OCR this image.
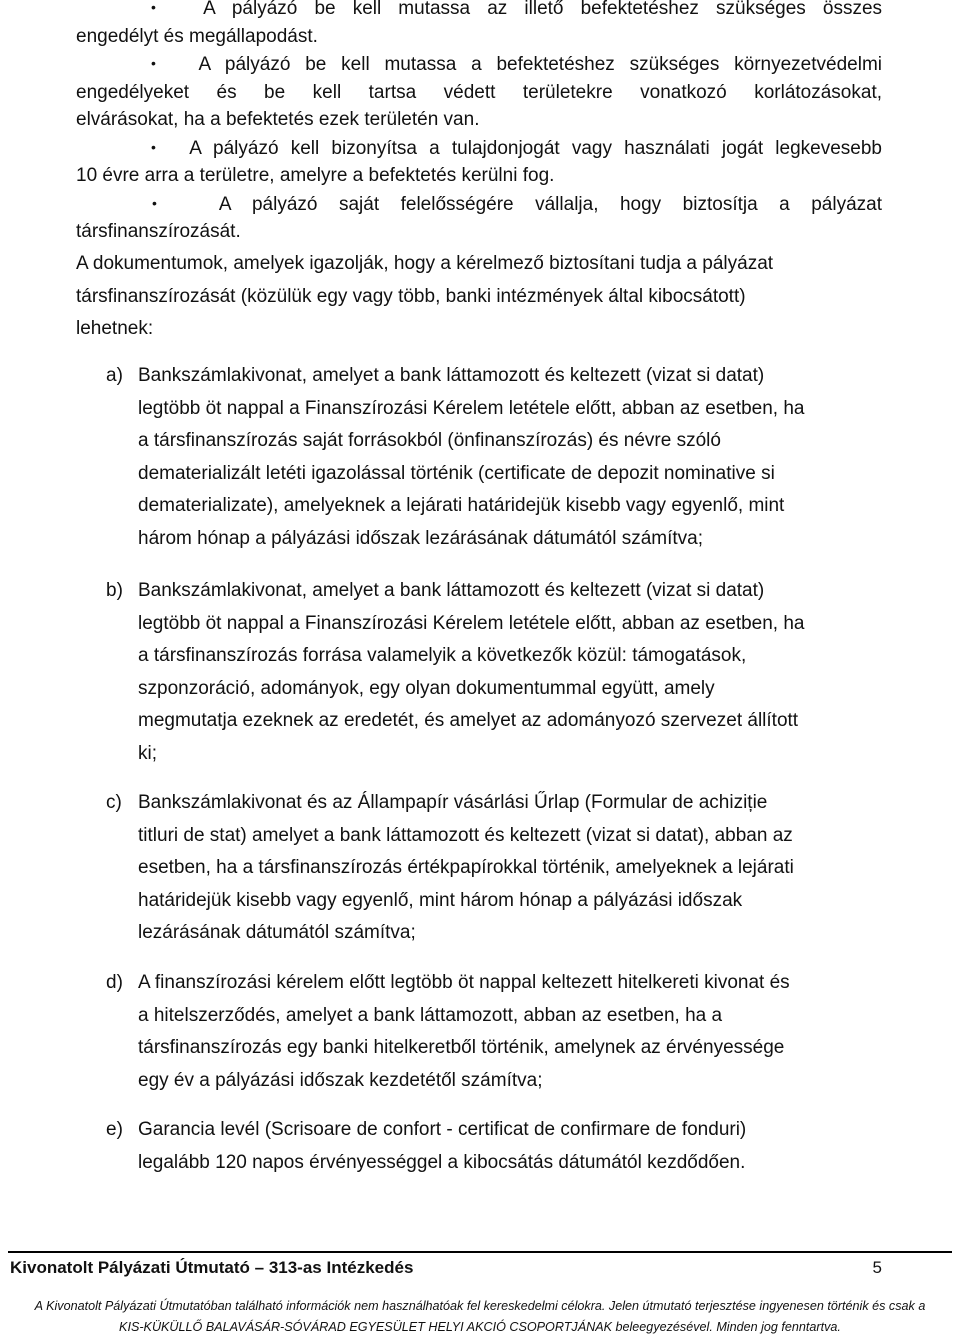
• A pályázó be kell mutassa az illető befektetéshez szükséges összes
engedélyt és megállapodást.

• A pályázó be kell mutassa a befektetéshez szükséges környezetvédelmi
engedélyeket és be kell tartsa védett területekre vonatkozó korlátozásokat,
elvárásokat, ha a befektetés ezek területén van.

• A pályázó kell bizonyítsa a tulajdonjogát vagy használati jogát legkevesebb
10 évre arra a területre, amelyre a befektetés kerülni fog.

•	A pályázó saját felelősségére vállalja, hogy biztosítja a pályázat
társfinanszírozását.

A dokumentumok, amelyek igazolják, hogy a kérelmező biztosítani tudja a pályázat
társfinanszírozását (közülük egy vagy több, banki intézmények által kibocsátott)
lehetnek:
a) Bankszámlakivonat, amelyet a bank láttamozott és keltezett (vizat si datat)
legtöbb öt nappal a Finanszírozási Kérelem letétele előtt, abban az esetben, ha
a társfinanszírozás saját forrásokból (önfinanszírozás) és névre szóló
dematerializált letéti igazolással történik (certificate de depozit nominative si
dematerializate), amelyeknek a lejárati határidejük kisebb vagy egyenlő, mint
három hónap a pályázási időszak lezárásának dátumától számítva;
b) Bankszámlakivonat, amelyet a bank láttamozott és keltezett (vizat si datat)
legtöbb öt nappal a Finanszírozási Kérelem letétele előtt, abban az esetben, ha
a társfinanszírozás forrása valamelyik a következők közül: támogatások,
szponzoráció, adományok, egy olyan dokumentummal együtt, amely
megmutatja ezeknek az eredetét, és amelyet az adományozó szervezet állított
ki;
c) Bankszámlakivonat és az Állampapír vásárlási Űrlap (Formular de achiziție
titluri de stat) amelyet a bank láttamozott és keltezett (vizat si datat), abban az
esetben, ha a társfinanszírozás értékpapírokkal történik, amelyeknek a lejárati
határidejük kisebb vagy egyenlő, mint három hónap a pályázási időszak
lezárásának dátumától számítva;
d) A finanszírozási kérelem előtt legtöbb öt nappal keltezett hitelkereti kivonat és
a hitelszerződés, amelyet a bank láttamozott, abban az esetben, ha a
társfinanszírozás egy banki hitelkeretből történik, amelynek az érvényessége
egy év a pályázási időszak kezdetétől számítva;
e) Garancia levél (Scrisoare de confort - certificat de confirmare de fonduri)
legalább 120 napos érvényességgel a kibocsátás dátumától kezdődően.
Kivonatolt Pályázati Útmutató – 313-as Intézkedés	5
A Kivonatolt Pályázati Útmutatóban található információk nem használhatóak fel kereskedelmi célokra. Jelen útmutató terjesztése ingyenesen történik és csak a
KIS-KÜKÜLLŐ BALAVÁSÁR-SÓVÁRAD EGYESÜLET HELYI AKCIÓ CSOPORTJÁNAK beleegyezésével. Minden jog fenntartva.
